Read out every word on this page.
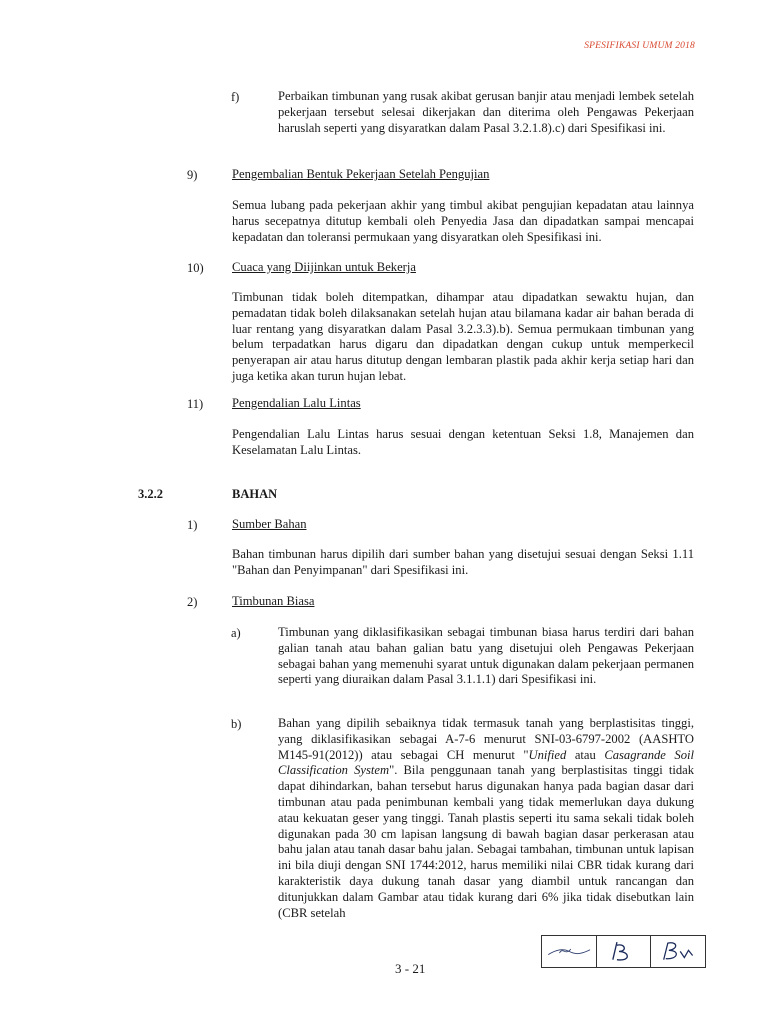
SPESIFIKASI UMUM 2018
f)	Perbaikan timbunan yang rusak akibat gerusan banjir atau menjadi lembek setelah pekerjaan tersebut selesai dikerjakan dan diterima oleh Pengawas Pekerjaan haruslah seperti yang disyaratkan dalam Pasal 3.2.1.8).c) dari Spesifikasi ini.
9)	Pengembalian Bentuk Pekerjaan Setelah Pengujian
Semua lubang pada pekerjaan akhir yang timbul akibat pengujian kepadatan atau lainnya harus secepatnya ditutup kembali oleh Penyedia Jasa dan dipadatkan sampai mencapai kepadatan dan toleransi permukaan yang disyaratkan oleh Spesifikasi ini.
10) Cuaca yang Diijinkan untuk Bekerja
Timbunan tidak boleh ditempatkan, dihampar atau dipadatkan sewaktu hujan, dan pemadatan tidak boleh dilaksanakan setelah hujan atau bilamana kadar air bahan berada di luar rentang yang disyaratkan dalam Pasal 3.2.3.3).b). Semua permukaan timbunan yang belum terpadatkan harus digaru dan dipadatkan dengan cukup untuk memperkecil penyerapan air atau harus ditutup dengan lembaran plastik pada akhir kerja setiap hari dan juga ketika akan turun hujan lebat.
11) Pengendalian Lalu Lintas
Pengendalian Lalu Lintas harus sesuai dengan ketentuan Seksi 1.8, Manajemen dan Keselamatan Lalu Lintas.
3.2.2	BAHAN
1)	Sumber Bahan
Bahan timbunan harus dipilih dari sumber bahan yang disetujui sesuai dengan Seksi 1.11 "Bahan dan Penyimpanan" dari Spesifikasi ini.
2)	Timbunan Biasa
a)	Timbunan yang diklasifikasikan sebagai timbunan biasa harus terdiri dari bahan galian tanah atau bahan galian batu yang disetujui oleh Pengawas Pekerjaan sebagai bahan yang memenuhi syarat untuk digunakan dalam pekerjaan permanen seperti yang diuraikan dalam Pasal 3.1.1.1) dari Spesifikasi ini.
b)	Bahan yang dipilih sebaiknya tidak termasuk tanah yang berplastisitas tinggi, yang diklasifikasikan sebagai A-7-6 menurut SNI-03-6797-2002 (AASHTO M145-91(2012)) atau sebagai CH menurut "Unified atau Casagrande Soil Classification System". Bila penggunaan tanah yang berplastisitas tinggi tidak dapat dihindarkan, bahan tersebut harus digunakan hanya pada bagian dasar dari timbunan atau pada penimbunan kembali yang tidak memerlukan daya dukung atau kekuatan geser yang tinggi. Tanah plastis seperti itu sama sekali tidak boleh digunakan pada 30 cm lapisan langsung di bawah bagian dasar perkerasan atau bahu jalan atau tanah dasar bahu jalan. Sebagai tambahan, timbunan untuk lapisan ini bila diuji dengan SNI 1744:2012, harus memiliki nilai CBR tidak kurang dari karakteristik daya dukung tanah dasar yang diambil untuk rancangan dan ditunjukkan dalam Gambar atau tidak kurang dari 6% jika tidak disebutkan lain (CBR setelah
3 - 21
